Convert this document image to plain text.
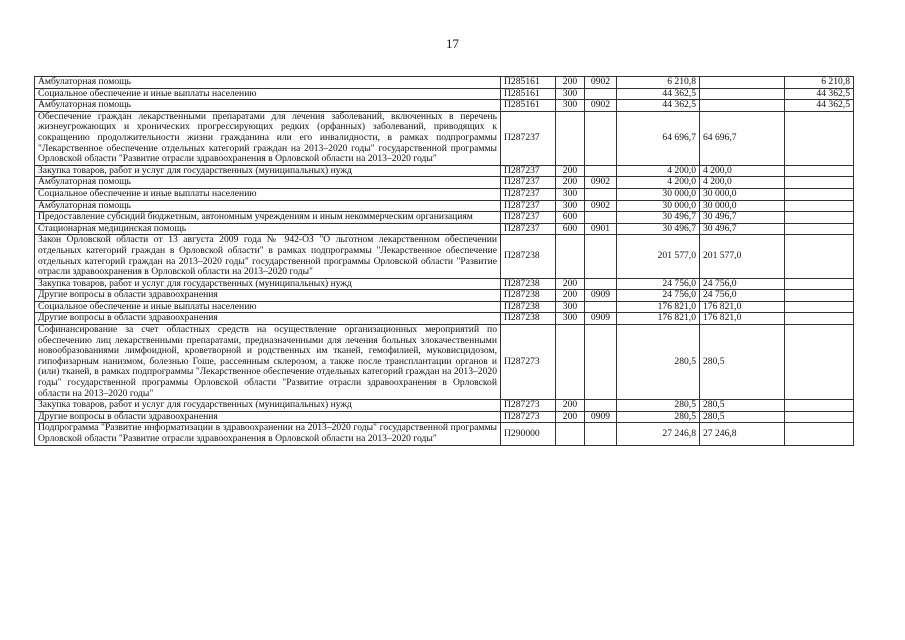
17
Амбулаторная помощь	П285161	200	0902	6 210,8		6 210,8
Социальное обеспечение и иные выплаты населению	П285161	300		44 362,5		44 362,5
Амбулаторная помощь	П285161	300	0902	44 362,5		44 362,5
Обеспечение граждан лекарственными препаратами для лечения заболеваний, включенных в перечень жизнеугрожающих и хронических прогрессирующих редких (орфанных) заболеваний, приводящих к сокращению продолжительности жизни гражданина или его инвалидности, в рамках подпрограммы "Лекарственное обеспечение отдельных категорий граждан на 2013–2020 годы" государственной программы Орловской области "Развитие отрасли здравоохранения в Орловской области на 2013–2020 годы"	П287237			64 696,7	64 696,7	
Закупка товаров, работ и услуг для государственных (муниципальных) нужд	П287237	200		4 200,0	4 200,0	
Амбулаторная помощь	П287237	200	0902	4 200,0	4 200,0	
Социальное обеспечение и иные выплаты населению	П287237	300		30 000,0	30 000,0	
Амбулаторная помощь	П287237	300	0902	30 000,0	30 000,0	
Предоставление субсидий бюджетным, автономным учреждениям и иным некоммерческим организациям	П287237	600		30 496,7	30 496,7	
Стационарная медицинская помощь	П287237	600	0901	30 496,7	30 496,7	
Закон Орловской области от 13 августа 2009 года № 942-ОЗ "О льготном лекарственном обеспечении отдельных категорий граждан в Орловской области" в рамках подпрограммы "Лекарственное обеспечение отдельных категорий граждан на 2013–2020 годы" государственной программы Орловской области "Развитие отрасли здравоохранения в Орловской области на 2013–2020 годы"	П287238			201 577,0	201 577,0	
Закупка товаров, работ и услуг для государственных (муниципальных) нужд	П287238	200		24 756,0	24 756,0	
Другие вопросы в области здравоохранения	П287238	200	0909	24 756,0	24 756,0	
Социальное обеспечение и иные выплаты населению	П287238	300		176 821,0	176 821,0	
Другие вопросы в области здравоохранения	П287238	300	0909	176 821,0	176 821,0	
Софинансирование за счет областных средств на осуществление организационных мероприятий по обеспечению лиц лекарственными препаратами, предназначенными для лечения больных злокачественными новообразованиями лимфоидной, кроветворной и родственных им тканей, гемофилией, муковисцидозом, гипофизарным нанизмом, болезнью Гоше, рассеянным склерозом, а также после трансплантации органов и (или) тканей, в рамках подпрограммы "Лекарственное обеспечение отдельных категорий граждан на 2013–2020 годы" государственной программы Орловской области "Развитие отрасли здравоохранения в Орловской области на 2013–2020 годы"	П287273			280,5	280,5	
Закупка товаров, работ и услуг для государственных (муниципальных) нужд	П287273	200		280,5	280,5	
Другие вопросы в области здравоохранения	П287273	200	0909	280,5	280,5	
Подпрограмма "Развитие информатизации в здравоохранении на 2013–2020 годы" государственной программы Орловской области "Развитие отрасли здравоохранения в Орловской области на 2013–2020 годы"	П290000			27 246,8	27 246,8	
